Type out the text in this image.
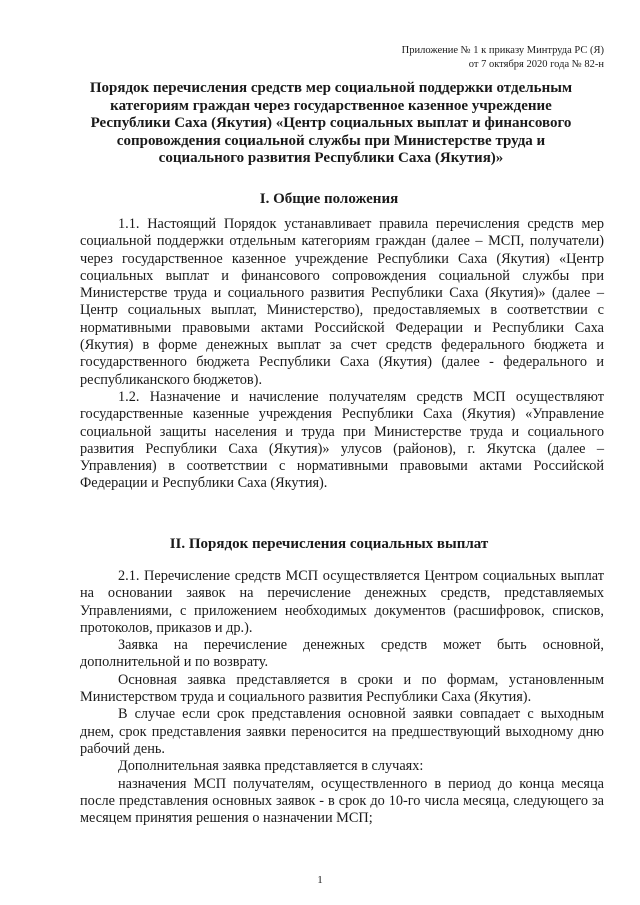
Приложение № 1 к приказу Минтруда РС (Я)
от 7 октября 2020 года № 82-н
Порядок перечисления средств мер социальной поддержки отдельным категориям граждан через государственное казенное учреждение Республики Саха (Якутия) «Центр социальных выплат и финансового сопровождения социальной службы при Министерстве труда и социального развития Республики Саха (Якутия)»
I. Общие положения

1.1. Настоящий Порядок устанавливает правила перечисления средств мер социальной поддержки отдельным категориям граждан (далее – МСП, получатели) через государственное казенное учреждение Республики Саха (Якутия) «Центр социальных выплат и финансового сопровождения социальной службы при Министерстве труда и социального развития Республики Саха (Якутия)» (далее – Центр социальных выплат, Министерство), предоставляемых в соответствии с нормативными правовыми актами Российской Федерации и Республики Саха (Якутия) в форме денежных выплат за счет средств федерального бюджета и государственного бюджета Республики Саха (Якутия) (далее - федерального и республиканского бюджетов).

1.2. Назначение и начисление получателям средств МСП осуществляют государственные казенные учреждения Республики Саха (Якутия) «Управление социальной защиты населения и труда при Министерстве труда и социального развития Республики Саха (Якутия)» улусов (районов), г. Якутска (далее – Управления) в соответствии с нормативными правовыми актами Российской Федерации и Республики Саха (Якутия).

II. Порядок перечисления социальных выплат

2.1. Перечисление средств МСП осуществляется Центром социальных выплат на основании заявок на перечисление денежных средств, представляемых Управлениями, с приложением необходимых документов (расшифровок, списков, протоколов, приказов и др.).

Заявка на перечисление денежных средств может быть основной, дополнительной и по возврату.

Основная заявка представляется в сроки и по формам, установленным Министерством труда и социального развития Республики Саха (Якутия).

В случае если срок представления основной заявки совпадает с выходным днем, срок представления заявки переносится на предшествующий выходному дню рабочий день.

Дополнительная заявка представляется в случаях:

назначения МСП получателям, осуществленного в период до конца месяца после представления основных заявок - в срок до 10-го числа месяца, следующего за месяцем принятия решения о назначении МСП;

1
